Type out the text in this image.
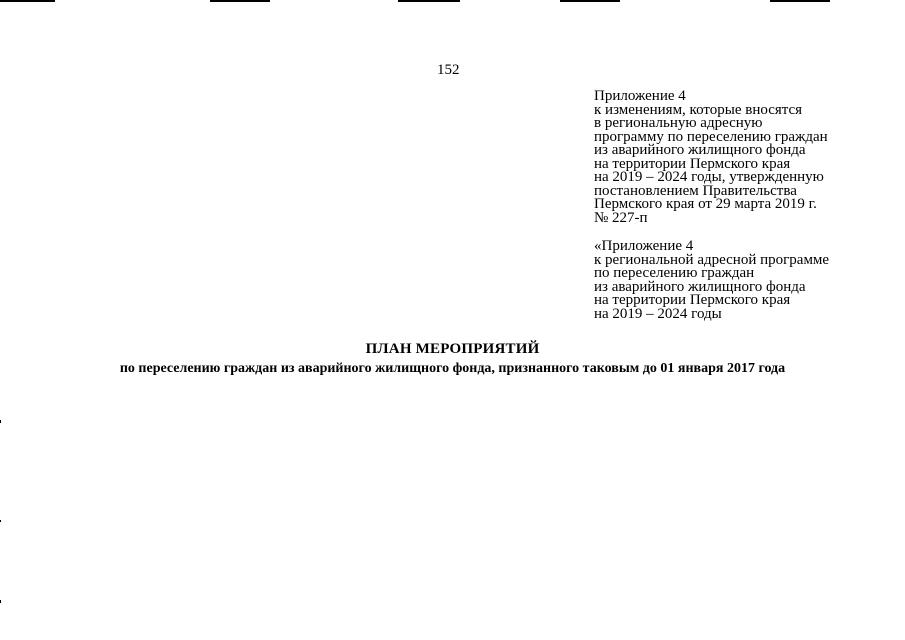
152
Приложение 4
к изменениям, которые вносятся
в региональную адресную
программу по переселению граждан
из аварийного жилищного фонда
на территории Пермского края
на 2019 – 2024 годы, утвержденную
постановлением Правительства
Пермского края от 29 марта 2019 г.
№ 227-п
«Приложение 4
к региональной адресной программе
по переселению граждан
из аварийного жилищного фонда
на территории Пермского края
на 2019 – 2024 годы
ПЛАН МЕРОПРИЯТИЙ
по переселению граждан из аварийного жилищного фонда, признанного таковым до 01 января 2017 года
